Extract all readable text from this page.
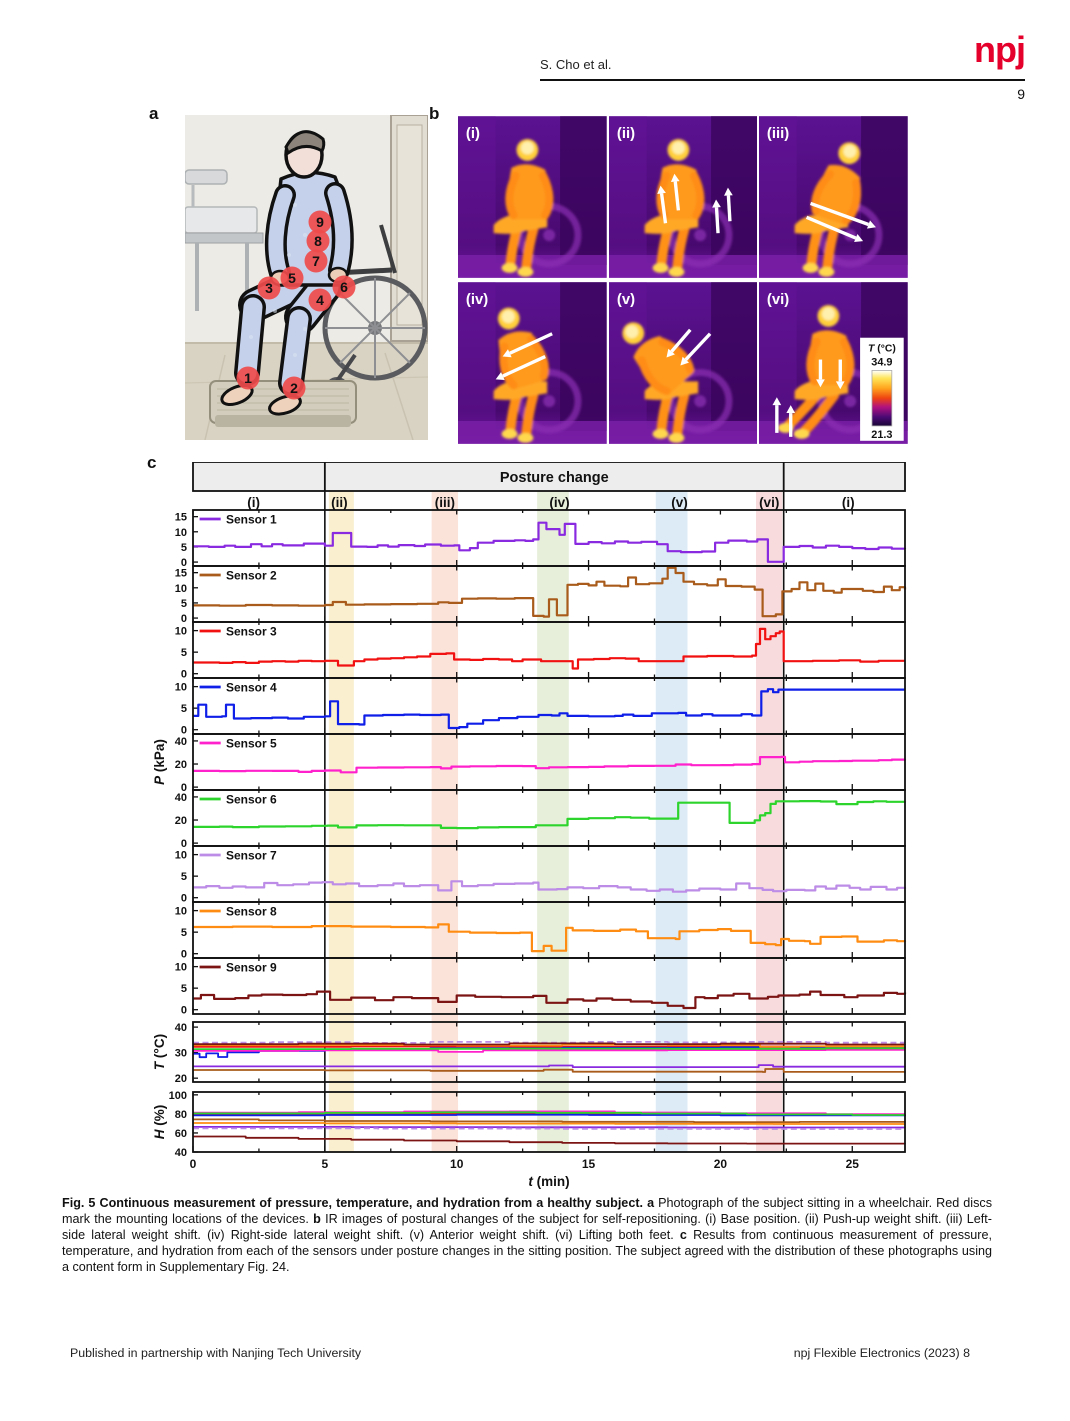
S. Cho et al.	npj
9
a	b
c
1
2
3
4
5
6
7
8
9
(i)	(ii)	(iii)
(iv)	(v)	(vi)
T (°C)
34.9
21.3
Posture change
(i)	(ii)	(iii)	(iv)	(v)	(vi)	(i)
15
10
5
0
Sensor 1
15
10
5
0
Sensor 2
10
5
0
Sensor 3
10
5
0
Sensor 4
40
20
0
Sensor 5
40
20
0
Sensor 6
10
5
0
Sensor 7
10
5
0
Sensor 8
10
5
0
Sensor 9
40
30
20
100
80
60
40
0	5	10	15	20	25
t (min)
P (kPa)
T (°C)
H (%)
Fig. 5 Continuous measurement of pressure, temperature, and hydration from a healthy subject. a Photograph of the subject sitting in a wheelchair. Red discs mark the mounting locations of the devices. b IR images of postural changes of the subject for self-repositioning. (i) Base position. (ii) Push-up weight shift. (iii) Left-side lateral weight shift. (iv) Right-side lateral weight shift. (v) Anterior weight shift. (vi) Lifting both feet. c Results from continuous measurement of pressure, temperature, and hydration from each of the sensors under posture changes in the sitting position. The subject agreed with the distribution of these photographs using a content form in Supplementary Fig. 24.
Published in partnership with Nanjing Tech University	npj Flexible Electronics (2023) 8
